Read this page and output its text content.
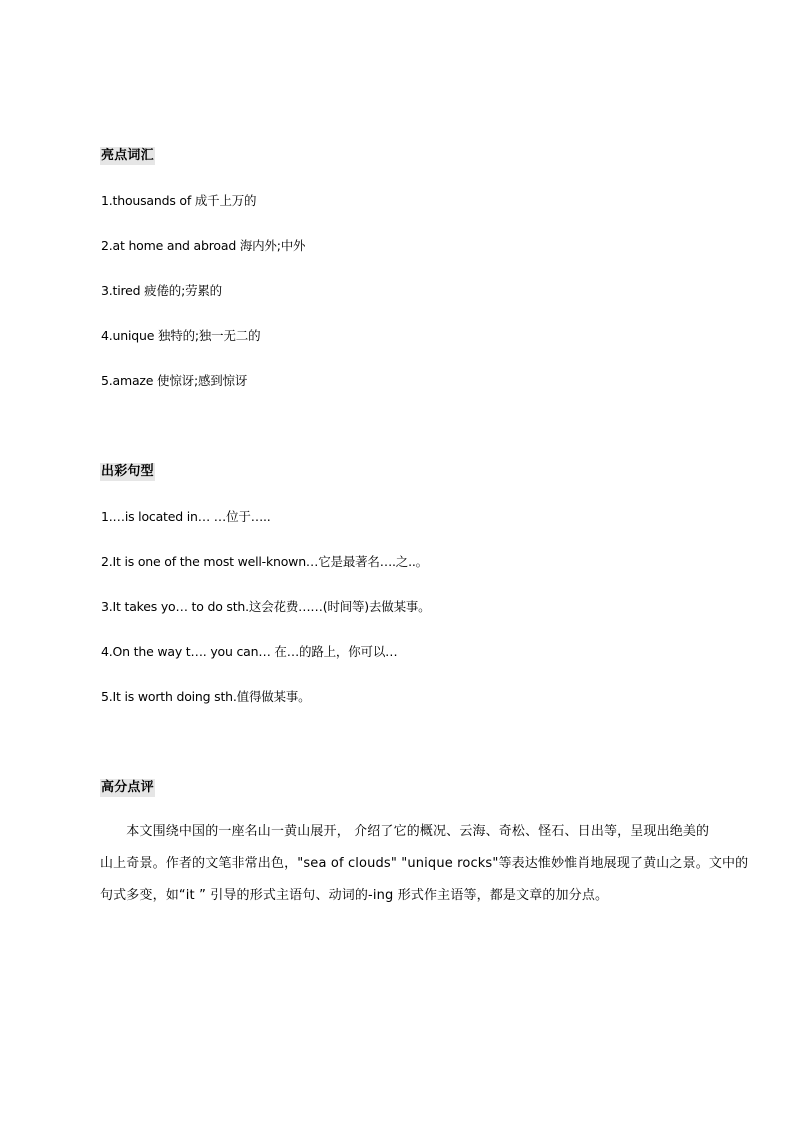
亮点词汇
1.thousands of 成千上万的
2.at home and abroad 海内外;中外
3.tired 疲倦的;劳累的
4.unique 独特的;独一无二的
5.amaze 使惊讶;感到惊讶
出彩句型
1.…is located in… …位于…..
2.It is one of the most well-known…它是最著名….之..。
3.It takes yo… to do sth.这会花费……(时间等)去做某事。
4.On the way t…. you can… 在…的路上，你可以…
5.It is worth doing sth.值得做某事。
高分点评
　　本文围绕中国的一座名山一黄山展开， 介绍了它的概况、云海、奇松、怪石、日出等，呈现出绝美的
山上奇景。作者的文笔非常出色，"sea of clouds" "unique rocks"等表达惟妙惟肖地展现了黄山之景。文中的
句式多变，如“it ” 引导的形式主语句、动词的-ing 形式作主语等，都是文章的加分点。
